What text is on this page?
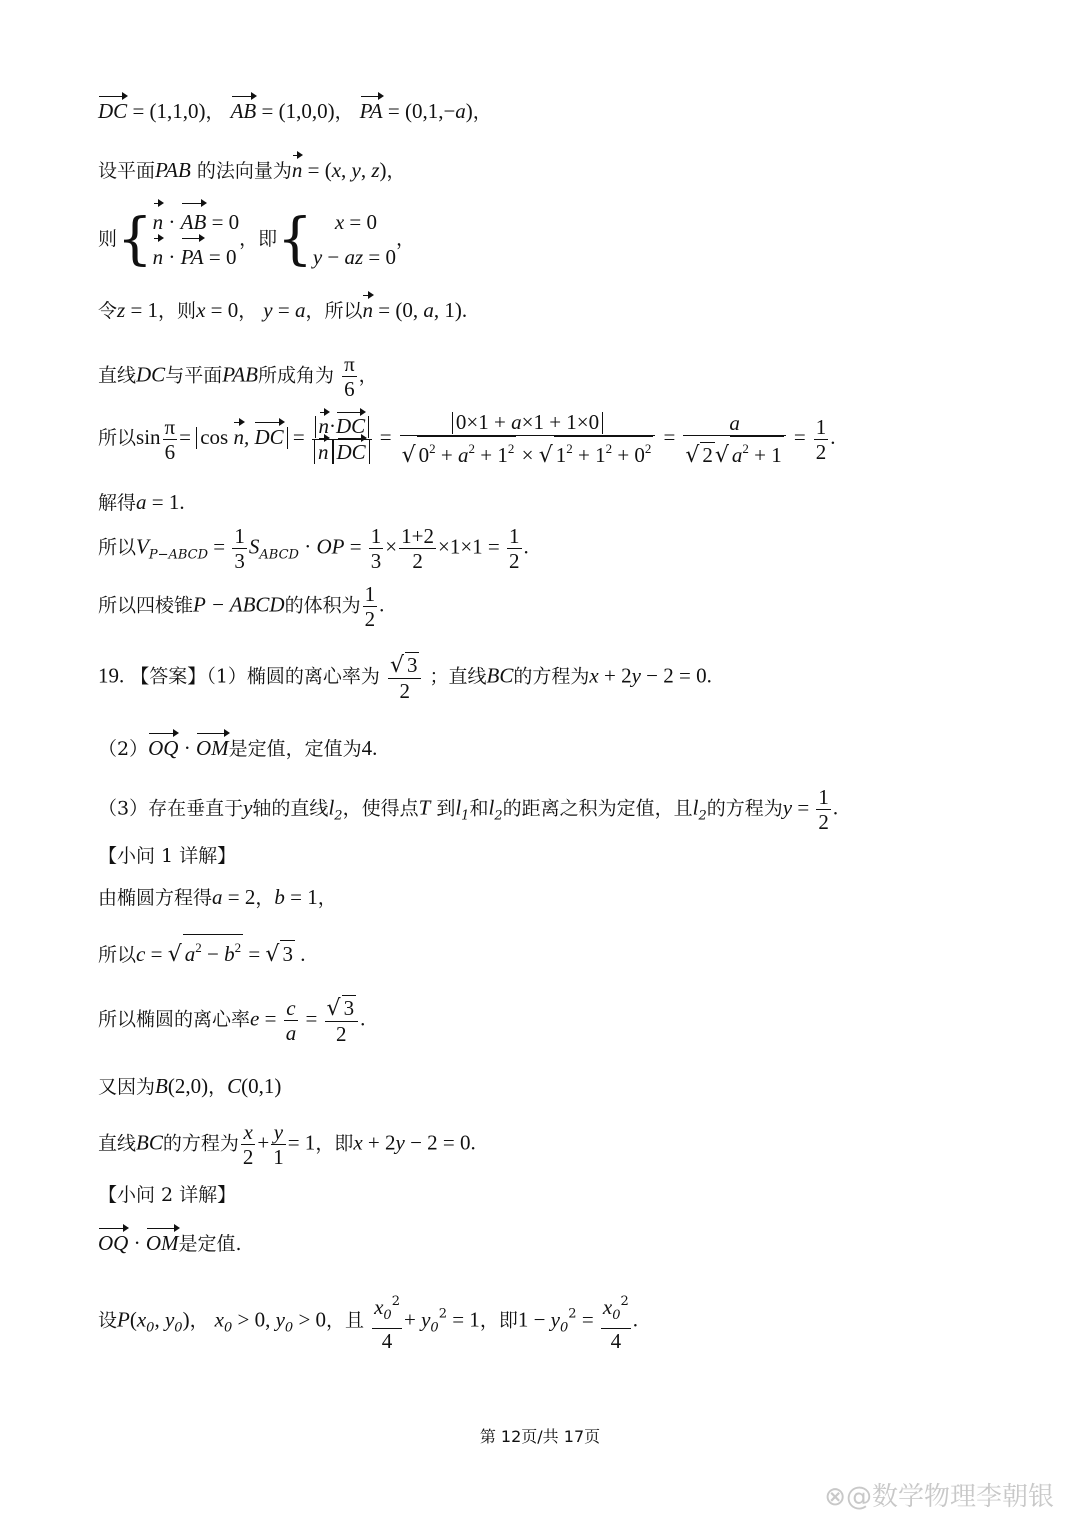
DC = (1,1,0)， AB = (1,0,0)， PA = (0,1,−a)，
设平面PAB 的法向量为n = (x, y, z)，
则{ n · AB = 0
n · PA = 0
，即{	x = 0
y − az = 0
，
令z = 1，则x = 0， y = a，所以n = (0, a, 1).
直线DC与平面PAB所成角为 $\frac{\pi}{6}$ ，
所以$\sin \frac{\pi}{6} = \cos n$, DC = $\frac{n\cdot DC}{\text{n DC}} = \frac{0\times 1 + a\times 1 + 1\times 0}{√ 0^2 + a^2 + 1^2 \times √ 1^2 + 1^2 + 0^2} = \frac{a}{√ 2√ a^2 + 1} = \frac{1}{2}$ .
解得a = 1.
所以$V_{P-ABCD} = \frac{1}{3} S_{ABCD}$ · OP = $\frac{1}{3} \times \frac{1+2}{2} \times 1\times 1 = \frac{1}{2}$ .
所以四棱锥P − ABCD的体积为 $\frac{1}{2}$ .
19. 【答案】（1）椭圆的离心率为 $\frac{√ 3}{2}$ ；直线BC的方程为x + 2y − 2 = 0.
（2）OQ · OM是定值，定值为4.
（3）存在垂直于y轴的直线$l_2$，使得点T 到$l_1$和$l_2$的距离之积为定值，且$l_2$的方程为$y = \frac{1}{2}$ .
【小问 1 详解】
由椭圆方程得a = 2，b = 1，
所以c = √ $a^2 - b^2$ = √ 3 .
所以椭圆的离心率$e = \frac{c}{a} = \frac{√ 3}{2}$ .
又因为B(2,0)，C(0,1)
直线BC的方程为 $\frac{x}{2} + \frac{y}{1} = 1$，即x + 2y − 2 = 0.
【小问 2 详解】
OQ · OM是定值.
设$P(x_0$, $y_0$)， $x_0 > 0$, $y_0 > 0$，且 $\frac{x_0^2}{4} + y_0^2 = 1$，即$1 - y_0^2 = \frac{x_0^2}{4}$ .
第 12页/共 17页
⊗@数学物理李朝银
